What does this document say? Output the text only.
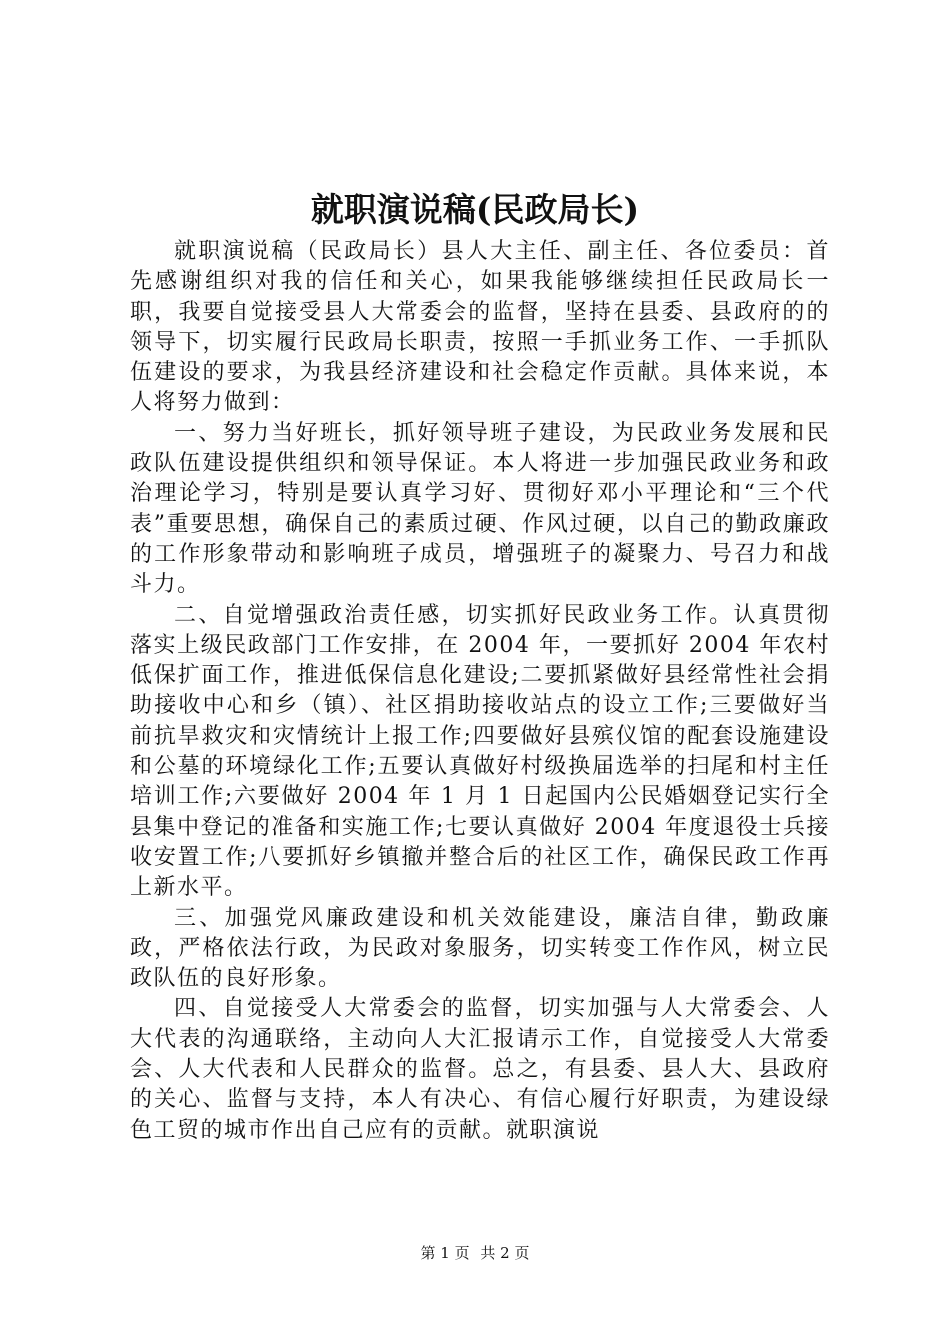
就职演说稿(民政局长)

就职演说稿（民政局长）县人大主任、副主任、各位委员：首先感谢组织对我的信任和关心，如果我能够继续担任民政局长一职，我要自觉接受县人大常委会的监督，坚持在县委、县政府的的领导下，切实履行民政局长职责，按照一手抓业务工作、一手抓队伍建设的要求，为我县经济建设和社会稳定作贡献。具体来说，本人将努力做到：

一、努力当好班长，抓好领导班子建设，为民政业务发展和民政队伍建设提供组织和领导保证。本人将进一步加强民政业务和政治理论学习，特别是要认真学习好、贯彻好邓小平理论和“三个代表”重要思想，确保自己的素质过硬、作风过硬，以自己的勤政廉政的工作形象带动和影响班子成员，增强班子的凝聚力、号召力和战斗力。

二、自觉增强政治责任感，切实抓好民政业务工作。认真贯彻落实上级民政部门工作安排，在 2004 年，一要抓好 2004 年农村低保扩面工作，推进低保信息化建设;二要抓紧做好县经常性社会捐助接收中心和乡（镇）、社区捐助接收站点的设立工作;三要做好当前抗旱救灾和灾情统计上报工作;四要做好县殡仪馆的配套设施建设和公墓的环境绿化工作;五要认真做好村级换届选举的扫尾和村主任培训工作;六要做好 2004 年 1 月 1 日起国内公民婚姻登记实行全县集中登记的准备和实施工作;七要认真做好 2004 年度退役士兵接收安置工作;八要抓好乡镇撤并整合后的社区工作，确保民政工作再上新水平。

三、加强党风廉政建设和机关效能建设，廉洁自律，勤政廉政，严格依法行政，为民政对象服务，切实转变工作作风，树立民政队伍的良好形象。

四、自觉接受人大常委会的监督，切实加强与人大常委会、人大代表的沟通联络，主动向人大汇报请示工作，自觉接受人大常委会、人大代表和人民群众的监督。总之，有县委、县人大、县政府的关心、监督与支持，本人有决心、有信心履行好职责，为建设绿色工贸的城市作出自己应有的贡献。就职演说

第 1 页 共 2 页
